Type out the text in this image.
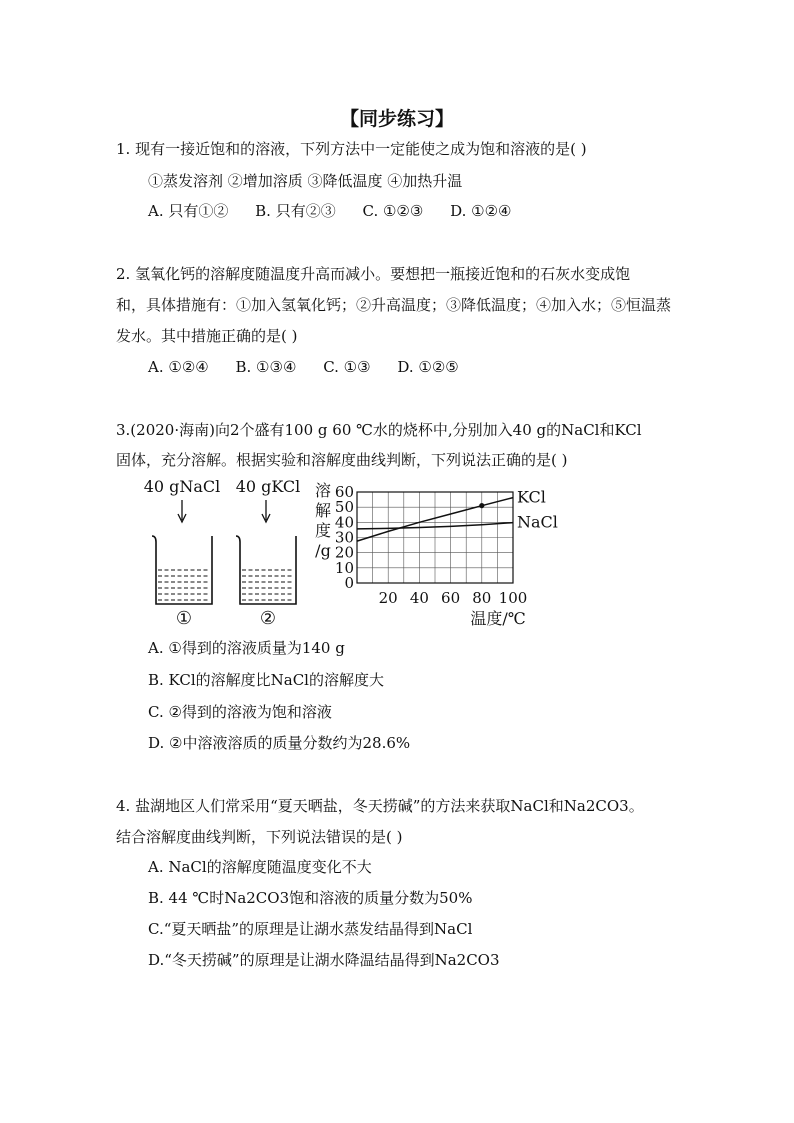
【同步练习】
1. 现有一接近饱和的溶液，下列方法中一定能使之成为饱和溶液的是( )
①蒸发溶剂 ②增加溶质 ③降低温度 ④加热升温
A. 只有①② B. 只有②③ C. ①②③ D. ①②④
2. 氢氧化钙的溶解度随温度升高而减小。要想把一瓶接近饱和的石灰水变成饱
和，具体措施有：①加入氢氧化钙；②升高温度；③降低温度；④加入水；⑤恒温蒸
发水。其中措施正确的是( )
A. ①②④ B. ①③④ C. ①③ D. ①②⑤
3.(2020·海南)向2个盛有100 g 60 ℃水的烧杯中,分别加入40 g的NaCl和KCl
固体，充分溶解。根据实验和溶解度曲线判断，下列说法正确的是( )
40 gNaCl
①
40 gKCl
②
0
10
20
30
40
50
60
20 40 60 80 100
溶
解
度
/g
温度/℃
KCl
NaCl
A. ①得到的溶液质量为140 g
B. KCl的溶解度比NaCl的溶解度大
C. ②得到的溶液为饱和溶液
D. ②中溶液溶质的质量分数约为28.6%
4. 盐湖地区人们常采用“夏天晒盐，冬天捞碱”的方法来获取NaCl和Na2CO3。
结合溶解度曲线判断，下列说法错误的是( )
A. NaCl的溶解度随温度变化不大
B. 44 ℃时Na2CO3饱和溶液的质量分数为50%
C.“夏天晒盐”的原理是让湖水蒸发结晶得到NaCl
D.“冬天捞碱”的原理是让湖水降温结晶得到Na2CO3
